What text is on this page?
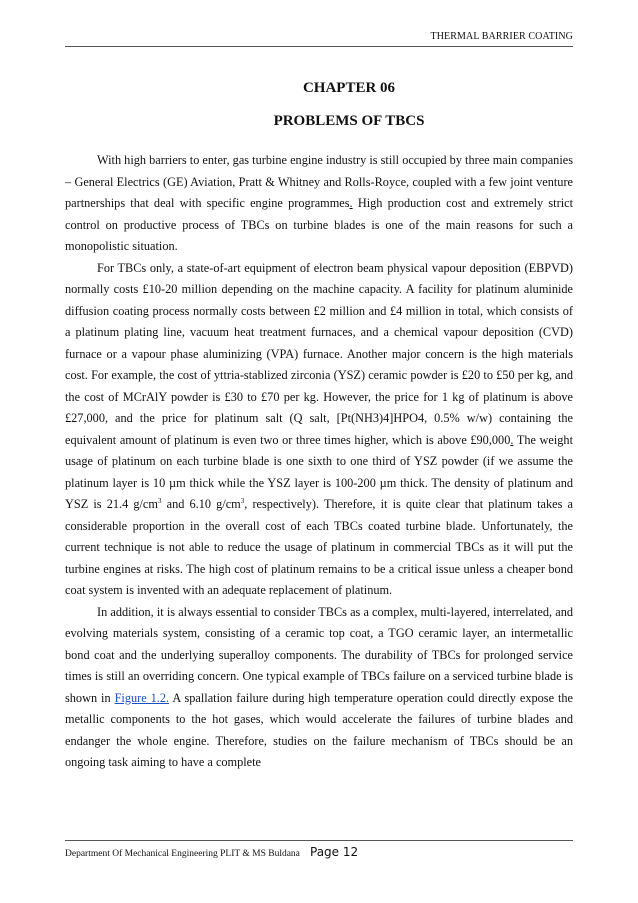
THERMAL BARRIER COATING
CHAPTER 06
PROBLEMS OF TBCS

With high barriers to enter, gas turbine engine industry is still occupied by three main companies – General Electrics (GE) Aviation, Pratt & Whitney and Rolls-Royce, coupled with a few joint venture partnerships that deal with specific engine programmes. High production cost and extremely strict control on productive process of TBCs on turbine blades is one of the main reasons for such a monopolistic situation.

For TBCs only, a state-of-art equipment of electron beam physical vapour deposition (EBPVD) normally costs £10-20 million depending on the machine capacity. A facility for platinum aluminide diffusion coating process normally costs between £2 million and £4 million in total, which consists of a platinum plating line, vacuum heat treatment furnaces, and a chemical vapour deposition (CVD) furnace or a vapour phase aluminizing (VPA) furnace. Another major concern is the high materials cost. For example, the cost of yttria-stablized zirconia (YSZ) ceramic powder is £20 to £50 per kg, and the cost of MCrAlY powder is £30 to £70 per kg. However, the price for 1 kg of platinum is above £27,000, and the price for platinum salt (Q salt, [Pt(NH3)4]HPO4, 0.5% w/w) containing the equivalent amount of platinum is even two or three times higher, which is above £90,000. The weight usage of platinum on each turbine blade is one sixth to one third of YSZ powder (if we assume the platinum layer is 10 µm thick while the YSZ layer is 100-200 µm thick. The density of platinum and YSZ is 21.4 $g/cm^3$ and 6.10 $g/cm^3$, respectively). Therefore, it is quite clear that platinum takes a considerable proportion in the overall cost of each TBCs coated turbine blade. Unfortunately, the current technique is not able to reduce the usage of platinum in commercial TBCs as it will put the turbine engines at risks. The high cost of platinum remains to be a critical issue unless a cheaper bond coat system is invented with an adequate replacement of platinum.

In addition, it is always essential to consider TBCs as a complex, multi-layered, interrelated, and evolving materials system, consisting of a ceramic top coat, a TGO ceramic layer, an intermetallic bond coat and the underlying superalloy components. The durability of TBCs for prolonged service times is still an overriding concern. One typical example of TBCs failure on a serviced turbine blade is shown in Figure 1.2. A spallation failure during high temperature operation could directly expose the metallic components to the hot gases, which would accelerate the failures of turbine blades and endanger the whole engine. Therefore, studies on the failure mechanism of TBCs should be an ongoing task aiming to have a complete

Department Of Mechanical Engineering PLIT & MS Buldana Page 12
